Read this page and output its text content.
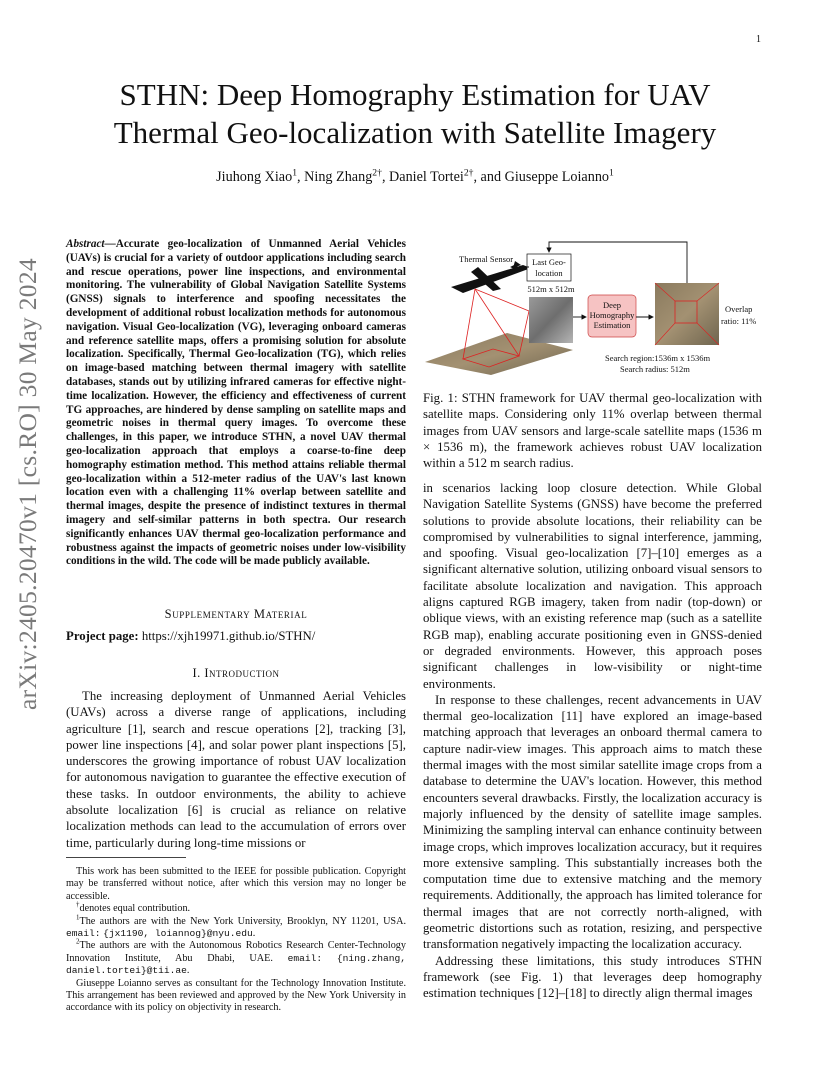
1
arXiv:2405.20470v1 [cs.RO] 30 May 2024
STHN: Deep Homography Estimation for UAV Thermal Geo-localization with Satellite Imagery
Jiuhong Xiao$^1$, Ning Zhang$^{2\dagger}$, Daniel Tortei$^{2\dagger}$, and Giuseppe Loianno$^1$
Abstract—Accurate geo-localization of Unmanned Aerial Vehicles (UAVs) is crucial for a variety of outdoor applications including search and rescue operations, power line inspections, and environmental monitoring. The vulnerability of Global Navigation Satellite Systems (GNSS) signals to interference and spoofing necessitates the development of additional robust localization methods for autonomous navigation. Visual Geo-localization (VG), leveraging onboard cameras and reference satellite maps, offers a promising solution for absolute localization. Specifically, Thermal Geo-localization (TG), which relies on image-based matching between thermal imagery with satellite databases, stands out by utilizing infrared cameras for effective night-time localization. However, the efficiency and effectiveness of current TG approaches, are hindered by dense sampling on satellite maps and geometric noises in thermal query images. To overcome these challenges, in this paper, we introduce STHN, a novel UAV thermal geo-localization approach that employs a coarse-to-fine deep homography estimation method. This method attains reliable thermal geo-localization within a 512-meter radius of the UAV's last known location even with a challenging 11% overlap between satellite and thermal images, despite the presence of indistinct textures in thermal imagery and self-similar patterns in both spectra. Our research significantly enhances UAV thermal geo-localization performance and robustness against the impacts of geometric noises under low-visibility conditions in the wild. The code will be made publicly available.
Supplementary Material
Project page: https://xjh19971.github.io/STHN/
I. Introduction

The increasing deployment of Unmanned Aerial Vehicles (UAVs) across a diverse range of applications, including agriculture [1], search and rescue operations [2], tracking [3], power line inspections [4], and solar power plant inspections [5], underscores the growing importance of robust UAV localization for autonomous navigation to guarantee the effective execution of these tasks. In outdoor environments, the ability to achieve absolute localization [6] is crucial as reliance on relative localization methods can lead to the accumulation of errors over time, particularly during long-time missions or

This work has been submitted to the IEEE for possible publication. Copyright may be transferred without notice, after which this version may no longer be accessible.

†denotes equal contribution.

$^1$The authors are with the New York University, Brooklyn, NY 11201, USA. email: {jx1190, loiannog}@nyu.edu.

$^2$The authors are with the Autonomous Robotics Research Center-Technology Innovation Institute, Abu Dhabi, UAE. email: {ning.zhang, daniel.tortei}@tii.ae.

Giuseppe Loianno serves as consultant for the Technology Innovation Institute. This arrangement has been reviewed and approved by the New York University in accordance with its policy on objectivity in research.

Thermal Sensor Last Geo-
location
512m x 512m
Deep
Homography
Estimation
Overlap
ratio: 11%
Search region:1536m x 1536m
Search radius: 512m
Fig. 1: STHN framework for UAV thermal geo-localization with satellite maps. Considering only 11% overlap between thermal images from UAV sensors and large-scale satellite maps (1536 m × 1536 m), the framework achieves robust UAV localization within a 512 m search radius.

in scenarios lacking loop closure detection. While Global Navigation Satellite Systems (GNSS) have become the preferred solutions to provide absolute locations, their reliability can be compromised by vulnerabilities to signal interference, jamming, and spoofing. Visual geo-localization [7]–[10] emerges as a significant alternative solution, utilizing onboard visual sensors to facilitate absolute localization and navigation. This approach aligns captured RGB imagery, taken from nadir (top-down) or oblique views, with an existing reference map (such as a satellite RGB map), enabling accurate positioning even in GNSS-denied or degraded environments. However, this approach poses significant challenges in low-visibility or night-time environments.

In response to these challenges, recent advancements in UAV thermal geo-localization [11] have explored an image-based matching approach that leverages an onboard thermal camera to capture nadir-view images. This approach aims to match these thermal images with the most similar satellite image crops from a database to determine the UAV's location. However, this method encounters several drawbacks. Firstly, the localization accuracy is majorly influenced by the density of satellite image samples. Minimizing the sampling interval can enhance continuity between image crops, which improves localization accuracy, but it requires more extensive sampling. This substantially increases both the computation time due to extensive matching and the memory requirements. Additionally, the approach has limited tolerance for thermal images that are not correctly north-aligned, with geometric distortions such as rotation, resizing, and perspective transformation negatively impacting the localization accuracy.

Addressing these limitations, this study introduces STHN framework (see Fig. 1) that leverages deep homography estimation techniques [12]–[18] to directly align thermal images
